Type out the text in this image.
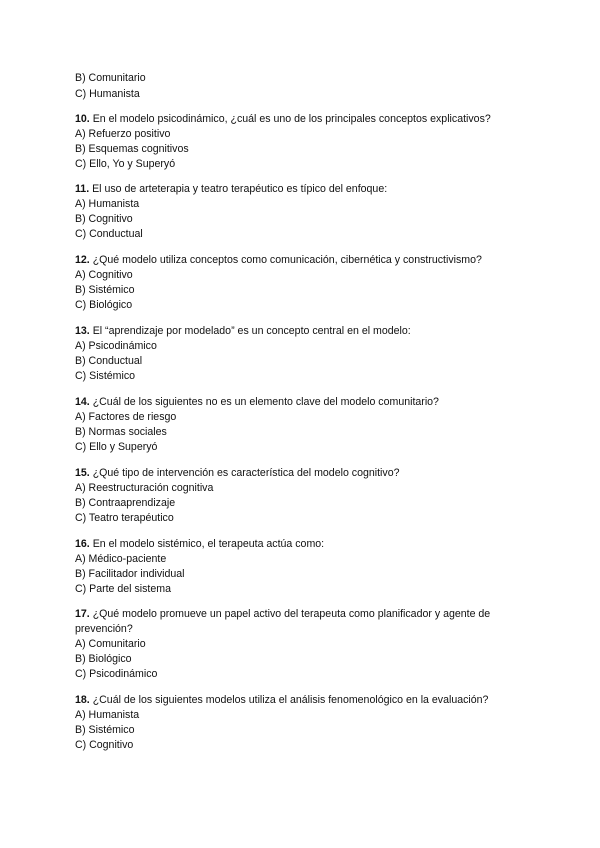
B) Comunitario
C) Humanista
10. En el modelo psicodinámico, ¿cuál es uno de los principales conceptos explicativos?
A) Refuerzo positivo
B) Esquemas cognitivos
C) Ello, Yo y Superyó
11. El uso de arteterapia y teatro terapéutico es típico del enfoque:
A) Humanista
B) Cognitivo
C) Conductual
12. ¿Qué modelo utiliza conceptos como comunicación, cibernética y constructivismo?
A) Cognitivo
B) Sistémico
C) Biológico
13. El “aprendizaje por modelado” es un concepto central en el modelo:
A) Psicodinámico
B) Conductual
C) Sistémico
14. ¿Cuál de los siguientes no es un elemento clave del modelo comunitario?
A) Factores de riesgo
B) Normas sociales
C) Ello y Superyó
15. ¿Qué tipo de intervención es característica del modelo cognitivo?
A) Reestructuración cognitiva
B) Contraaprendizaje
C) Teatro terapéutico
16. En el modelo sistémico, el terapeuta actúa como:
A) Médico-paciente
B) Facilitador individual
C) Parte del sistema
17. ¿Qué modelo promueve un papel activo del terapeuta como planificador y agente de prevención?
A) Comunitario
B) Biológico
C) Psicodinámico
18. ¿Cuál de los siguientes modelos utiliza el análisis fenomenológico en la evaluación?
A) Humanista
B) Sistémico
C) Cognitivo
